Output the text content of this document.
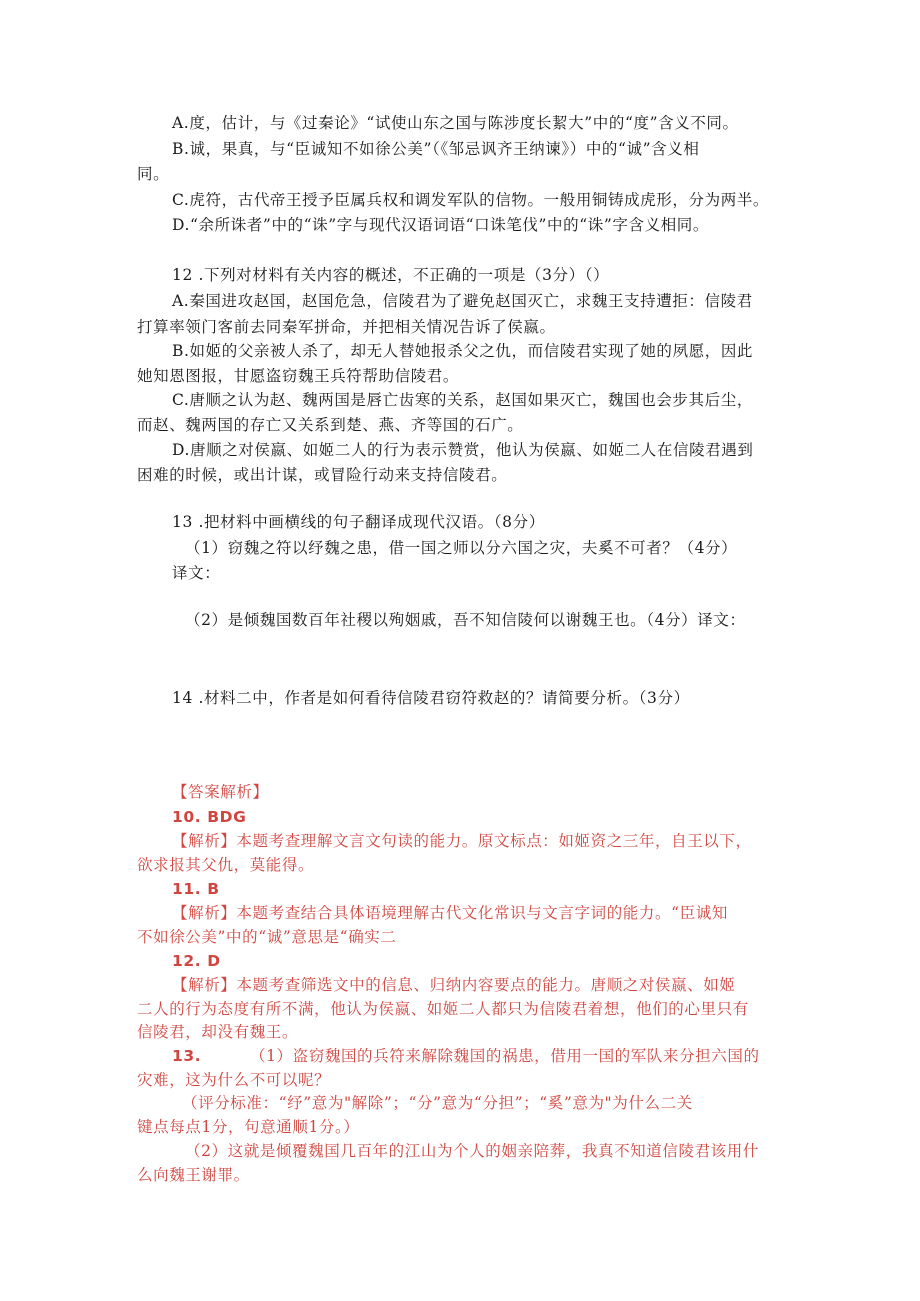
A.度，估计，与《过秦论》“试使山东之国与陈涉度长絜大”中的“度”含义不同。
B.诚，果真，与“臣诚知不如徐公美”（《邹忌讽齐王纳谏》）中的“诚”含义相
同。
C.虎符，古代帝王授予臣属兵权和调发军队的信物。一般用铜铸成虎形，分为两半。
D.“余所诛者”中的“诛”字与现代汉语词语“口诛笔伐”中的“诛”字含义相同。
12 .下列对材料有关内容的概述，不正确的一项是（3分）（）
A.秦国进攻赵国，赵国危急，信陵君为了避免赵国灭亡，求魏王支持遭拒：信陵君
打算率领门客前去同秦军拼命，并把相关情况告诉了侯嬴。
B.如姬的父亲被人杀了，却无人替她报杀父之仇，而信陵君实现了她的夙愿，因此
她知恩图报，甘愿盗窃魏王兵符帮助信陵君。
C.唐顺之认为赵、魏两国是唇亡齿寒的关系，赵国如果灭亡，魏国也会步其后尘，
而赵、魏两国的存亡又关系到楚、燕、齐等国的石广。
D.唐顺之对侯嬴、如姬二人的行为表示赞赏，他认为侯嬴、如姬二人在信陵君遇到
困难的时候，或出计谋，或冒险行动来支持信陵君。
13 .把材料中画横线的句子翻译成现代汉语。（8分）
（1）窃魏之符以纾魏之患，借一国之师以分六国之灾，夫奚不可者？（4分）
译文：
（2）是倾魏国数百年社稷以殉姻戚，吾不知信陵何以谢魏王也。（4分）译文：
14 .材料二中，作者是如何看待信陵君窃符救赵的？请简要分析。（3分）
【答案解析】
10. BDG
【解析】本题考查理解文言文句读的能力。原文标点：如姬资之三年，自王以下，
欲求报其父仇，莫能得。
11. B
【解析】本题考查结合具体语境理解古代文化常识与文言字词的能力。“臣诚知
不如徐公美”中的“诚”意思是“确实二
12. D
【解析】本题考查筛选文中的信息、归纳内容要点的能力。唐顺之对侯嬴、如姬
二人的行为态度有所不满，他认为侯嬴、如姬二人都只为信陵君着想，他们的心里只有
信陵君，却没有魏王。
13.	（1）盗窃魏国的兵符来解除魏国的祸患，借用一国的军队来分担六国的
灾难，这为什么不可以呢？
（评分标准：“纾”意为"解除”；“分”意为“分担”；“奚”意为"为什么二关
键点每点1分，句意通顺1分。）
（2）这就是倾覆魏国几百年的江山为个人的姻亲陪葬，我真不知道信陵君该用什
么向魏王谢罪。
